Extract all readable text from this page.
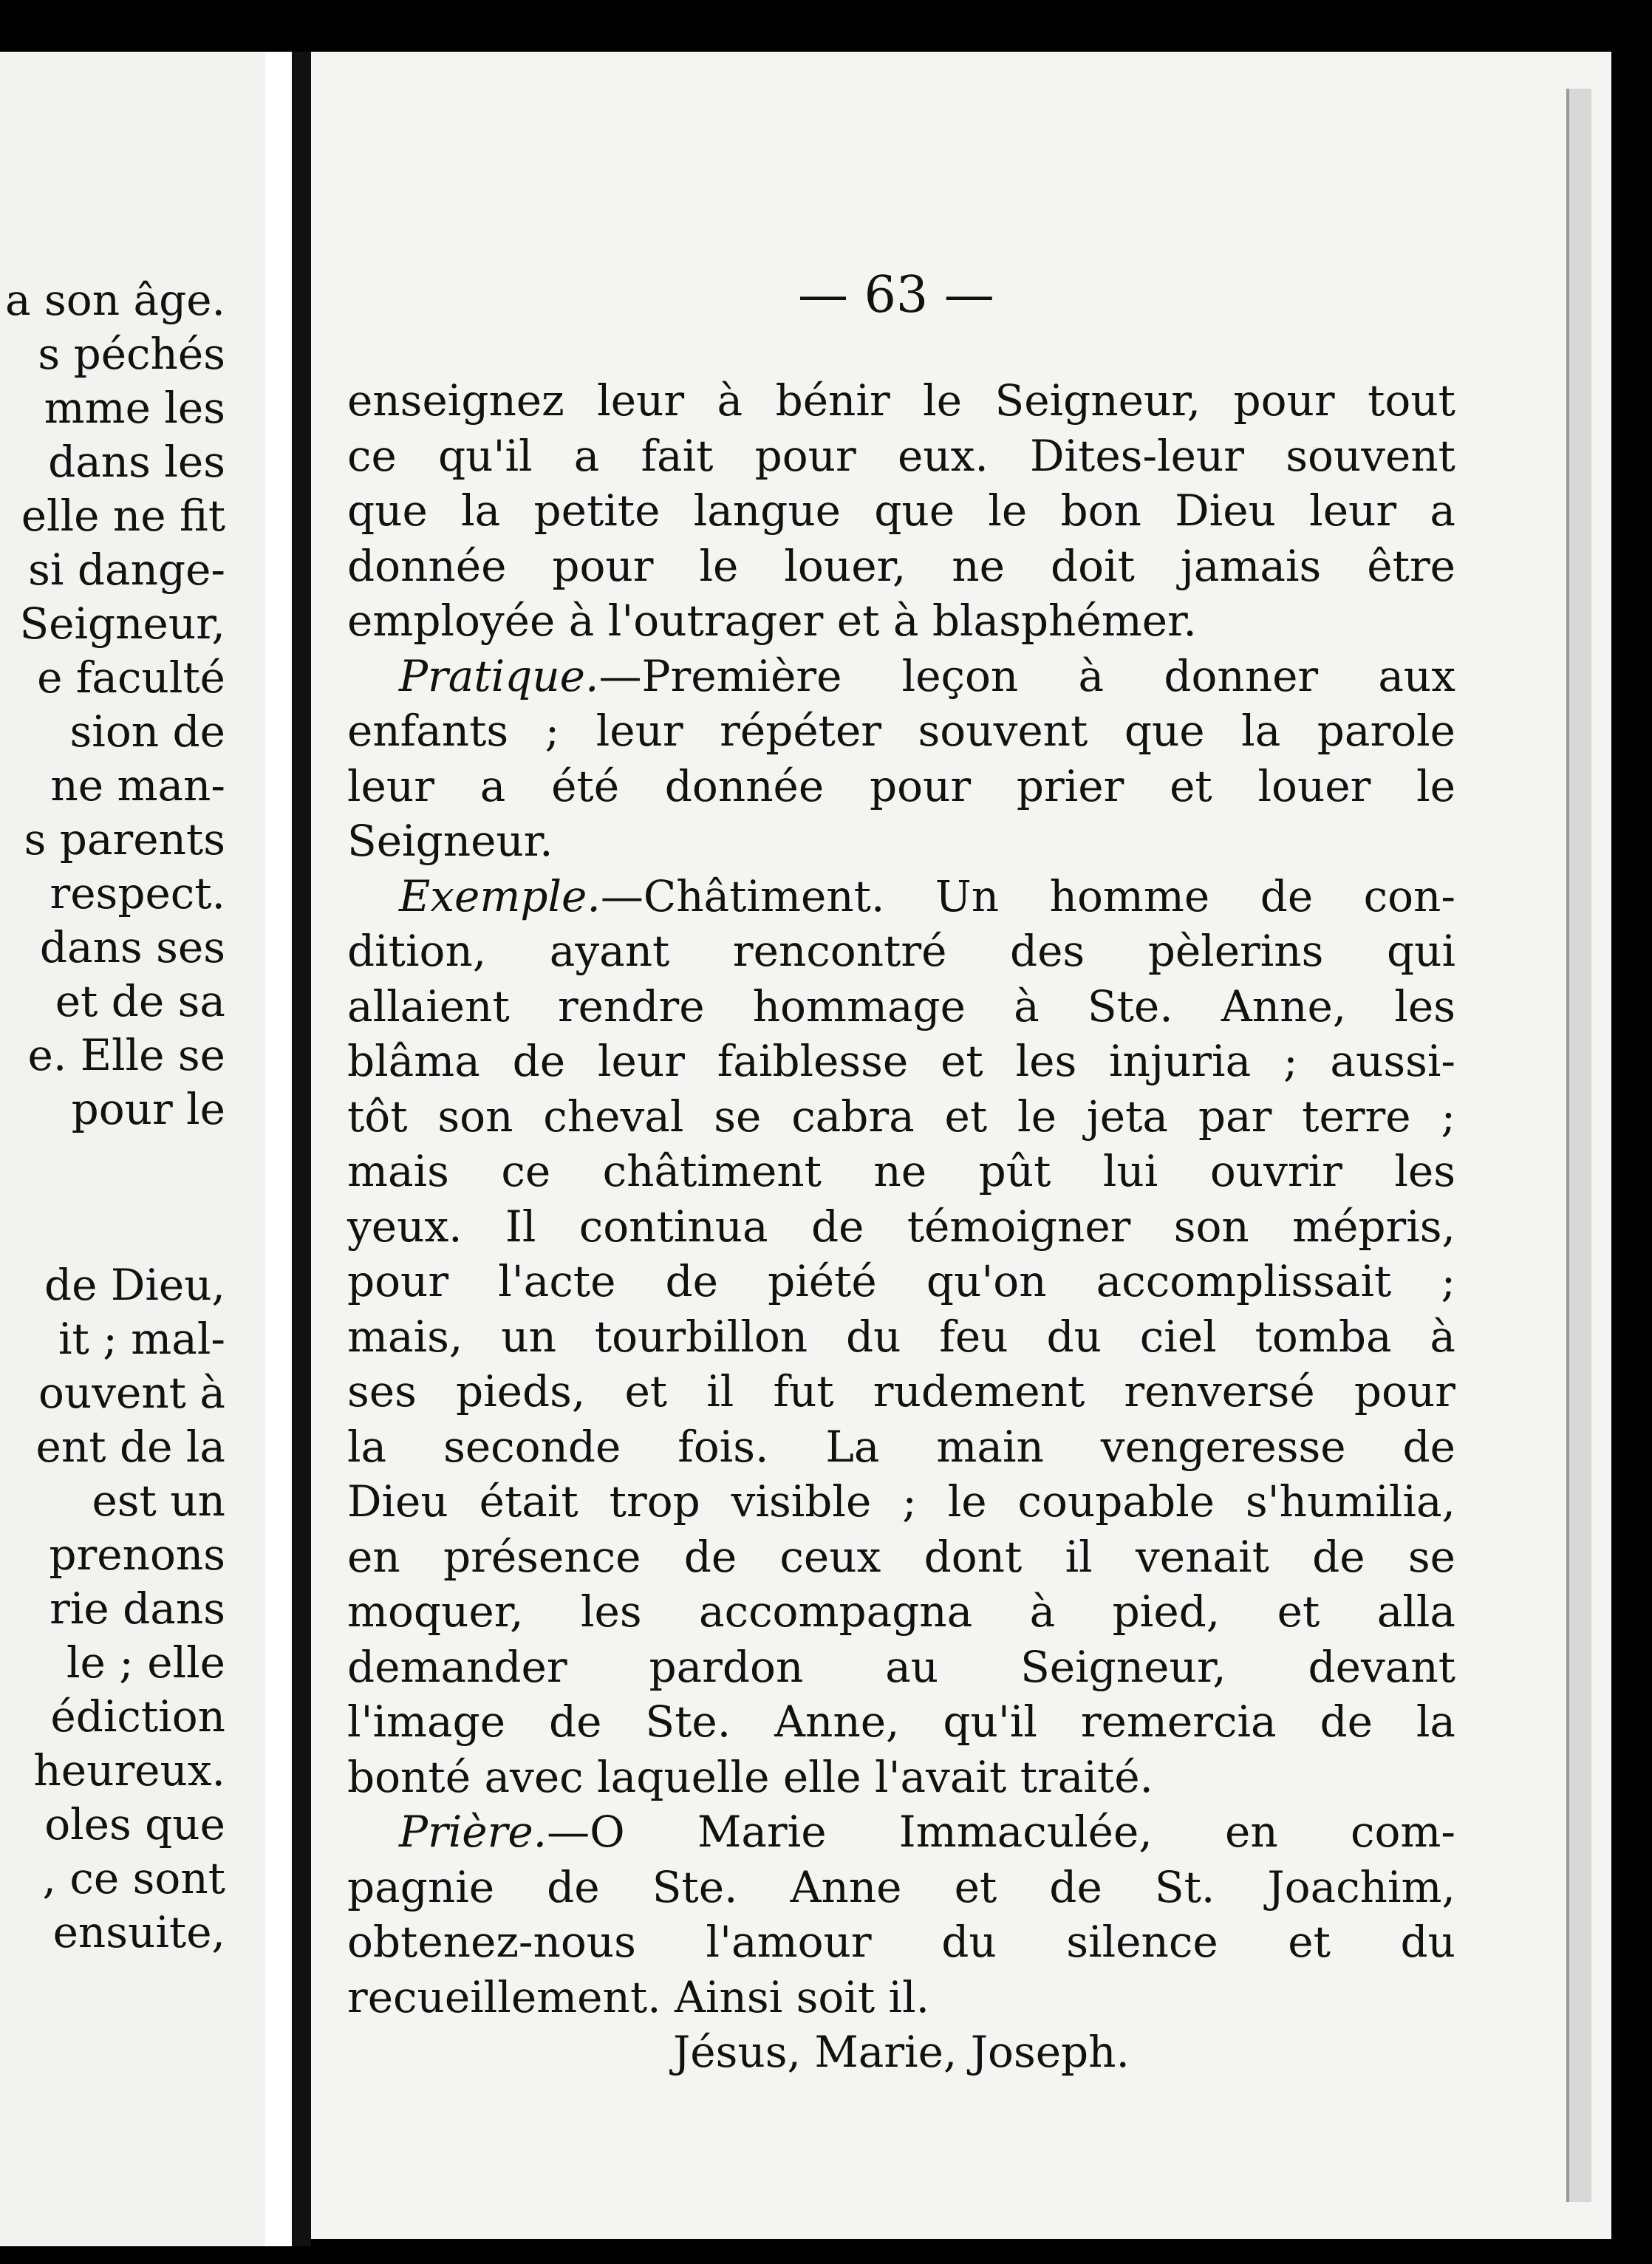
a son âge.
s péchés
mme les
dans les
elle ne fit
si dange-
Seigneur,
e faculté
sion de
ne man-
s parents
respect.
dans ses
et de sa
e. Elle se
pour le
de Dieu,
it ; mal-
ouvent à
ent de la
est un
prenons
rie dans
le ; elle
édiction
heureux.
oles que
, ce sont
ensuite,
— 63 —
enseignez leur à bénir le Seigneur, pour tout
ce qu'il a fait pour eux. Dites-leur souvent
que la petite langue que le bon Dieu leur a
donnée pour le louer, ne doit jamais être
employée à l'outrager et à blasphémer.
Pratique.—Première leçon à donner aux
enfants ; leur répéter souvent que la parole
leur a été donnée pour prier et louer le
Seigneur.
Exemple.—Châtiment. Un homme de con-
dition, ayant rencontré des pèlerins qui
allaient rendre hommage à Ste. Anne, les
blâma de leur faiblesse et les injuria ; aussi-
tôt son cheval se cabra et le jeta par terre ;
mais ce châtiment ne pût lui ouvrir les
yeux. Il continua de témoigner son mépris,
pour l'acte de piété qu'on accomplissait ;
mais, un tourbillon du feu du ciel tomba à
ses pieds, et il fut rudement renversé pour
la seconde fois. La main vengeresse de
Dieu était trop visible ; le coupable s'humilia,
en présence de ceux dont il venait de se
moquer, les accompagna à pied, et alla
demander pardon au Seigneur, devant
l'image de Ste. Anne, qu'il remercia de la
bonté avec laquelle elle l'avait traité.
Prière.—O Marie Immaculée, en com-
pagnie de Ste. Anne et de St. Joachim,
obtenez-nous l'amour du silence et du
recueillement. Ainsi soit il.
Jésus, Marie, Joseph.
